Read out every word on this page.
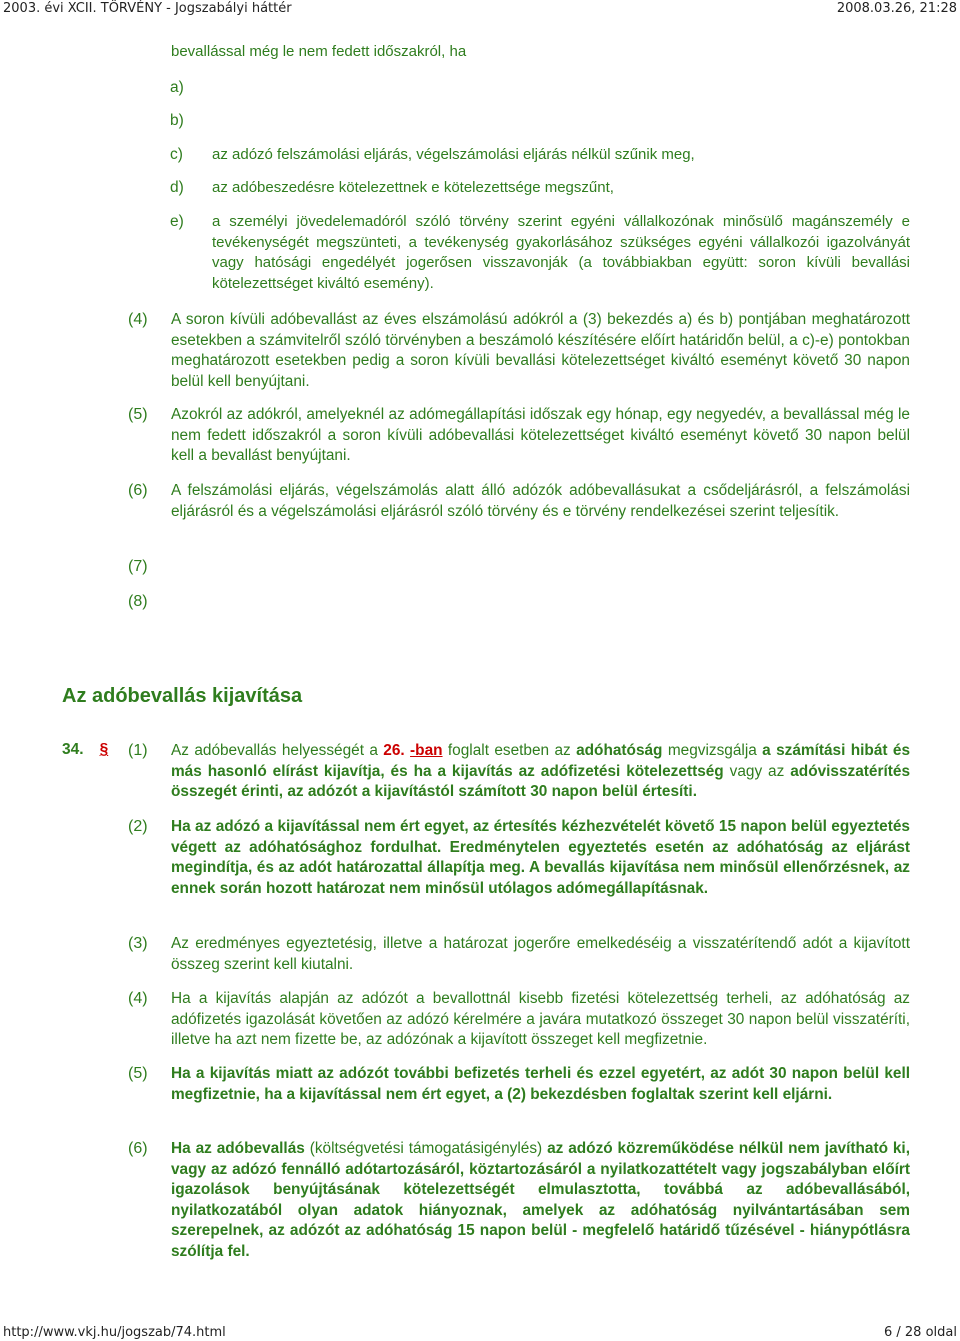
2003. évi XCII. TÖRVÉNY - Jogszabályi háttér	2008.03.26, 21:28
bevallással még le nem fedett időszakról, ha
a)
b)
c)	az adózó felszámolási eljárás, végelszámolási eljárás nélkül szűnik meg,
d)	az adóbeszedésre kötelezettnek e kötelezettsége megszűnt,
e)	a személyi jövedelemadóról szóló törvény szerint egyéni vállalkozónak minősülő magánszemély e tevékenységét megszünteti, a tevékenység gyakorlásához szükséges egyéni vállalkozói igazolványát vagy hatósági engedélyét jogerősen visszavonják (a továbbiakban együtt: soron kívüli bevallási kötelezettséget kiváltó esemény).
(4)	A soron kívüli adóbevallást az éves elszámolású adókról a (3) bekezdés a) és b) pontjában meghatározott esetekben a számvitelről szóló törvényben a beszámoló készítésére előírt határidőn belül, a c)-e) pontokban meghatározott esetekben pedig a soron kívüli bevallási kötelezettséget kiváltó eseményt követő 30 napon belül kell benyújtani.
(5)	Azokról az adókról, amelyeknél az adómegállapítási időszak egy hónap, egy negyedév, a bevallással még le nem fedett időszakról a soron kívüli adóbevallási kötelezettséget kiváltó eseményt követő 30 napon belül kell a bevallást benyújtani.
(6)	A felszámolási eljárás, végelszámolás alatt álló adózók adóbevallásukat a csődeljárásról, a felszámolási eljárásról és a végelszámolási eljárásról szóló törvény és e törvény rendelkezései szerint teljesítik.
(7)
(8)
Az adóbevallás kijavítása
34. § (1)	Az adóbevallás helyességét a 26. -ban foglalt esetben az adóhatóság megvizsgálja a számítási hibát és más hasonló elírást kijavítja, és ha a kijavítás az adófizetési kötelezettség vagy az adóvisszatérítés összegét érinti, az adózót a kijavítástól számított 30 napon belül értesíti.
(2)	Ha az adózó a kijavítással nem ért egyet, az értesítés kézhezvételét követő 15 napon belül egyeztetés végett az adóhatósághoz fordulhat. Eredménytelen egyeztetés esetén az adóhatóság az eljárást megindítja, és az adót határozattal állapítja meg. A bevallás kijavítása nem minősül ellenőrzésnek, az ennek során hozott határozat nem minősül utólagos adómegállapításnak.
(3)	Az eredményes egyeztetésig, illetve a határozat jogerőre emelkedéséig a visszatérítendő adót a kijavított összeg szerint kell kiutalni.
(4)	Ha a kijavítás alapján az adózót a bevallottnál kisebb fizetési kötelezettség terheli, az adóhatóság az adófizetés igazolását követően az adózó kérelmére a javára mutatkozó összeget 30 napon belül visszatéríti, illetve ha azt nem fizette be, az adózónak a kijavított összeget kell megfizetnie.
(5)	Ha a kijavítás miatt az adózót további befizetés terheli és ezzel egyetért, az adót 30 napon belül kell megfizetnie, ha a kijavítással nem ért egyet, a (2) bekezdésben foglaltak szerint kell eljárni.
(6)	Ha az adóbevallás (költségvetési támogatásigénylés) az adózó közreműködése nélkül nem javítható ki, vagy az adózó fennálló adótartozásáról, köztartozásáról a nyilatkozattételt vagy jogszabályban előírt igazolások benyújtásának kötelezettségét elmulasztotta, továbbá az adóbevallásából, nyilatkozatából olyan adatok hiányoznak, amelyek az adóhatóság nyilvántartásában sem szerepelnek, az adózót az adóhatóság 15 napon belül - megfelelő határidő tűzésével - hiánypótlásra szólítja fel.
http://www.vkj.hu/jogszab/74.html	6 / 28 oldal
